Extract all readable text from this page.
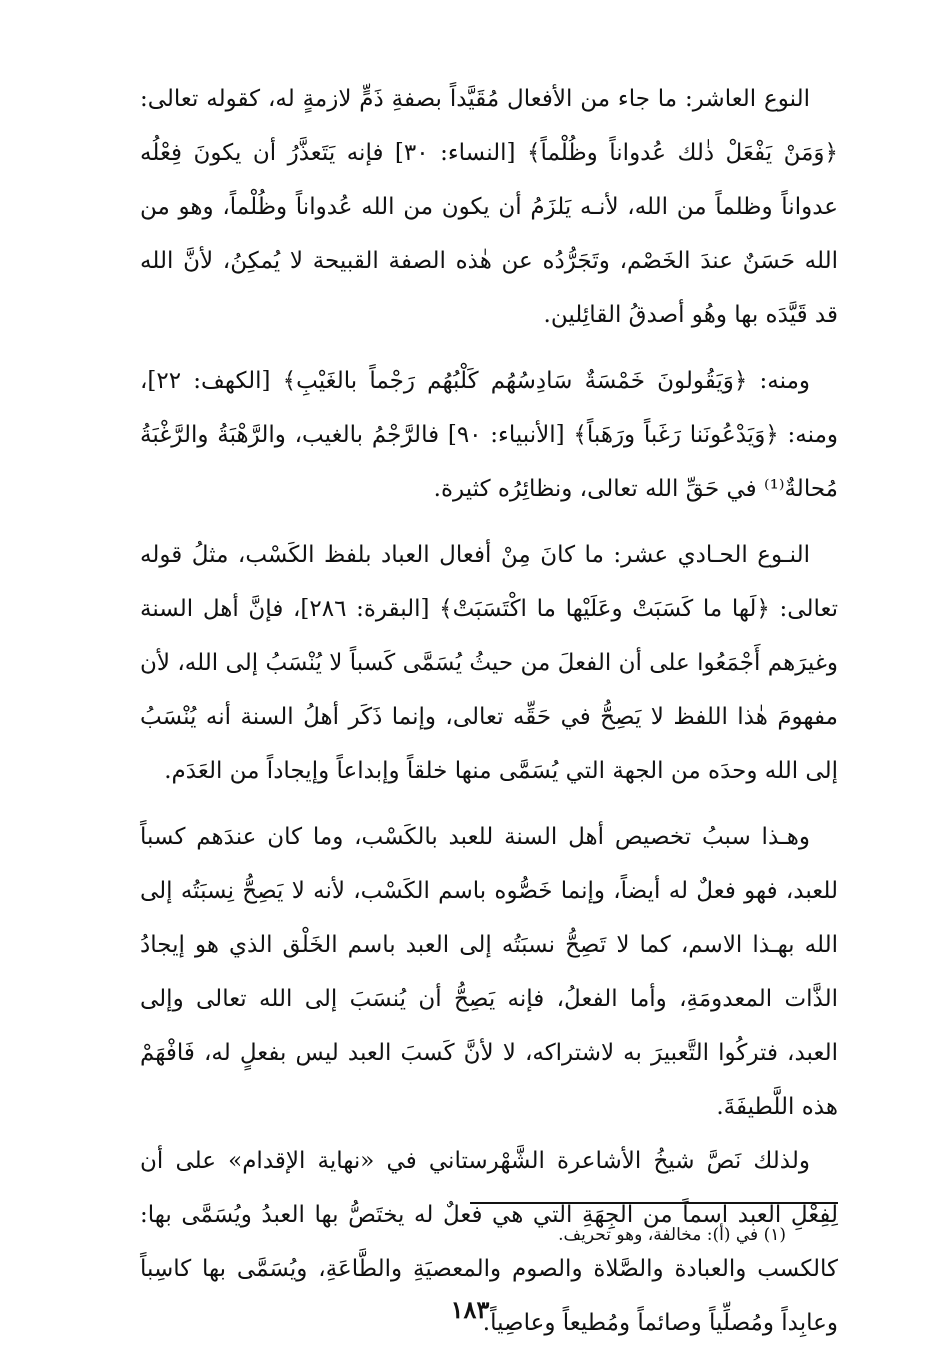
النوع العاشر: ما جاء من الأفعال مُقَيَّداً بصفةِ ذَمٍّ لازمةٍ له، كقوله تعالى: ﴿وَمَنْ يَفْعَلْ ذٰلك عُدواناً وظُلْماً﴾ [النساء: ٣٠] فإنه يَتَعذَّرُ أن يكونَ فِعْلُه عدواناً وظلماً من الله، لأنـه يَلزَمُ أن يكون من الله عُدواناً وظُلْماً، وهو من الله حَسَنٌ عندَ الخَصْم، وتَجَرُّدُه عن هٰذه الصفة القبيحة لا يُمكِنُ، لأنَّ الله قد قَيَّدَه بها وهُو أصدقُ القائِلين.

ومنه: ﴿وَيَقُولونَ خَمْسَةٌ سَادِسُهُم كَلْبُهُم رَجْماً بالغَيْبِ﴾ [الكهف: ٢٢]، ومنه: ﴿وَيَدْعُونَنا رَغَباً ورَهَباً﴾ [الأنبياء: ٩٠] فالرَّجْمُ بالغيب، والرَّهْبَةُ والرَّغْبَةُ مُحالةٌ⁽¹⁾ في حَقِّ الله تعالى، ونظائِرُه كثيرة.

النـوع الحـادي عشر: ما كانَ مِنْ أفعال العباد بلفظ الكَسْب، مثلُ قوله تعالى: ﴿لَها ما كَسَبَتْ وعَلَيْها ما اكْتَسَبَتْ﴾ [البقرة: ٢٨٦]، فإنَّ أهل السنة وغيرَهم أَجْمَعُوا على أن الفعلَ من حيثُ يُسَمَّى كَسباً لا يُنْسَبُ إلى الله، لأن مفهومَ هٰذا اللفظ لا يَصِحُّ في حَقِّه تعالى، وإنما ذَكَر أهلُ السنة أنه يُنْسَبُ إلى الله وحدَه من الجهة التي يُسَمَّى منها خلقاً وإبداعاً وإيجاداً من العَدَم.

وهـذا سببُ تخصيص أهل السنة للعبد بالكَسْب، وما كان عندَهم كسباً للعبد، فهو فعلٌ له أيضاً، وإنما خَصُّوه باسم الكَسْب، لأنه لا يَصِحُّ نِسبَتُه إلى الله بهـذا الاسم، كما لا تَصِحُّ نسبَتُه إلى العبد باسم الخَلْق الذي هو إيجادُ الذَّات المعدومَةِ، وأما الفعلُ، فإنه يَصِحُّ أن يُنسَبَ إلى الله تعالى وإلى العبد، فتركُوا التَّعبيرَ به لاشتراكه، لا لأنَّ كَسبَ العبد ليس بفعلٍ له، فَافْهَمْ هذه اللَّطيفَةَ.

ولذلك نَصَّ شيخُ الأشاعرة الشَّهْرستاني في «نهاية الإقدام» على أن لِفِعْلِ العبد اسماً من الجِهَةِ التي هي فعلٌ له يختَصُّ بها العبدُ ويُسَمَّى بها: كالكسب والعبادة والصَّلاة والصوم والمعصيَةِ والطَّاعَةِ، ويُسَمَّى بها كاسِباً وعابِداً ومُصلِّياً وصائماً ومُطيعاً وعاصِياً.

(١) في (أ): مخالفة، وهو تحريف.
١٨٣
